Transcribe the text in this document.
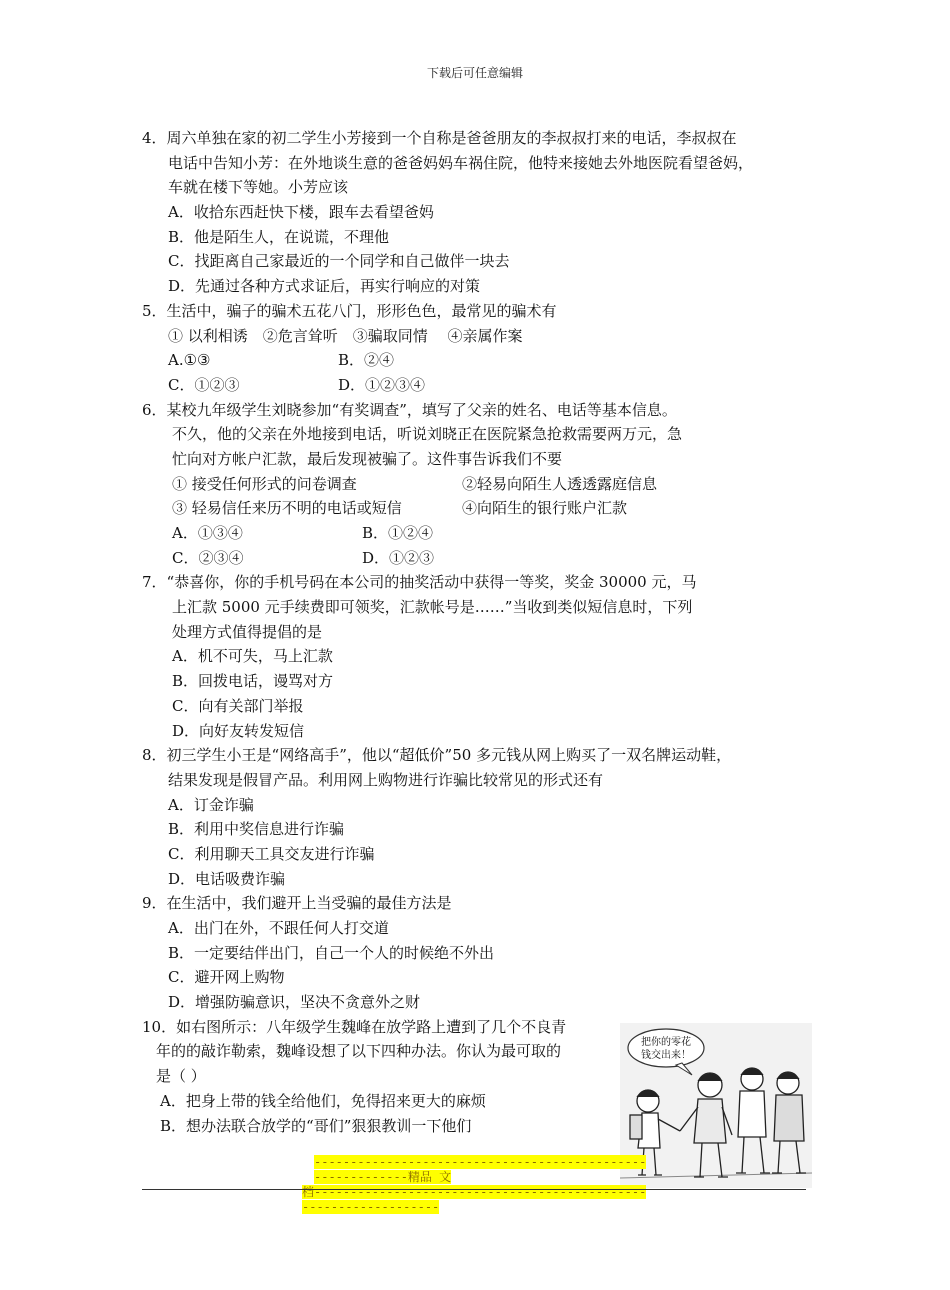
下载后可任意编辑
4．周六单独在家的初二学生小芳接到一个自称是爸爸朋友的李叔叔打来的电话，李叔叔在
电话中告知小芳：在外地谈生意的爸爸妈妈车祸住院，他特来接她去外地医院看望爸妈，
车就在楼下等她。小芳应该
A．收拾东西赶快下楼，跟车去看望爸妈
B．他是陌生人，在说谎，不理他
C．找距离自己家最近的一个同学和自己做伴一块去
D．先通过各种方式求证后，再实行响应的对策
5．生活中，骗子的骗术五花八门，形形色色，最常见的骗术有
① 以利相诱　②危言耸听　③骗取同情　 ④亲属作案
A.①③	B．②④
C．①②③	D．①②③④
6．某校九年级学生刘晓参加“有奖调查”，填写了父亲的姓名、电话等基本信息。
不久，他的父亲在外地接到电话，听说刘晓正在医院紧急抢救需要两万元，急
忙向对方帐户汇款，最后发现被骗了。这件事告诉我们不要
① 接受任何形式的问卷调查	②轻易向陌生人透透露庭信息
③ 轻易信任来历不明的电话或短信	④向陌生的银行账户汇款
A．①③④	B．①②④
C．②③④	D．①②③
7．“恭喜你，你的手机号码在本公司的抽奖活动中获得一等奖，奖金 30000 元，马
上汇款 5000 元手续费即可领奖，汇款帐号是……”当收到类似短信息时，下列
处理方式值得提倡的是
A．机不可失，马上汇款
B．回拨电话，谩骂对方
C．向有关部门举报
D．向好友转发短信
8．初三学生小王是“网络高手”，他以“超低价”50 多元钱从网上购买了一双名牌运动鞋，
结果发现是假冒产品。利用网上购物进行诈骗比较常见的形式还有
A．订金诈骗
B．利用中奖信息进行诈骗
C．利用聊天工具交友进行诈骗
D．电话吸费诈骗
9．在生活中，我们避开上当受骗的最佳方法是
A．出门在外，不跟任何人打交道
B．一定要结伴出门，自己一个人的时候绝不外出
C．避开网上购物
D．增强防骗意识，坚决不贪意外之财
10．如右图所示：八年级学生魏峰在放学路上遭到了几个不良青
年的的敲诈勒索，魏峰设想了以下四种办法。你认为最可取的
是（ ）
A．把身上带的钱全给他们，免得招来更大的麻烦
B．想办法联合放学的“哥们”狠狠教训一下他们
把你的零花
钱交出来！
-----------------------------------------------------------精品 文
档-----------------------------------------------------------------
